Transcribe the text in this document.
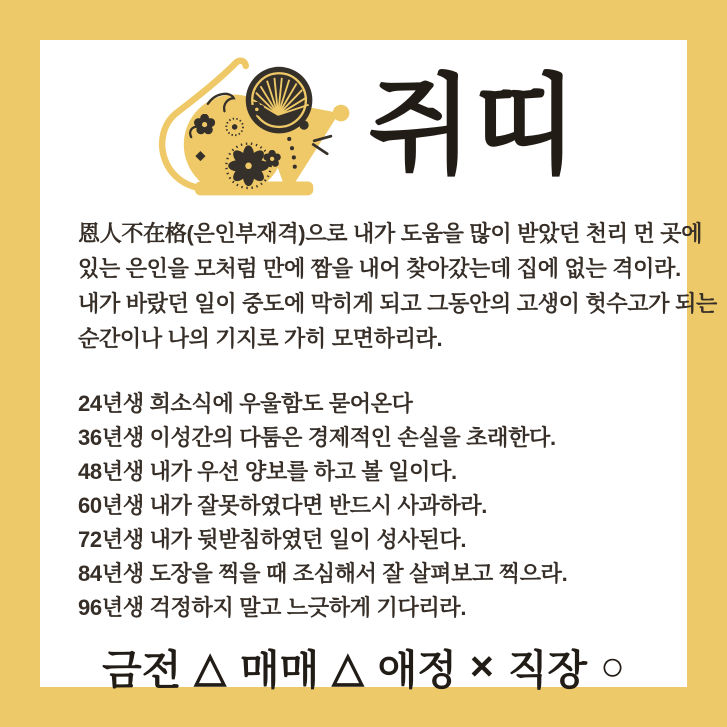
쥐띠
恩人不在格(은인부재격)으로 내가 도움을 많이 받았던 천리 먼 곳에
있는 은인을 모처럼 만에 짬을 내어 찾아갔는데 집에 없는 격이라.
내가 바랐던 일이 중도에 막히게 되고 그동안의 고생이 헛수고가 되는
순간이나 나의 기지로 가히 모면하리라.
24년생 희소식에 우울함도 묻어온다
36년생 이성간의 다툼은 경제적인 손실을 초래한다.
48년생 내가 우선 양보를 하고 볼 일이다.
60년생 내가 잘못하였다면 반드시 사과하라.
72년생 내가 뒷받침하였던 일이 성사된다.
84년생 도장을 찍을 때 조심해서 잘 살펴보고 찍으라.
96년생 걱정하지 말고 느긋하게 기다리라.
금전 △ 매매 △ 애정 × 직장 ○
